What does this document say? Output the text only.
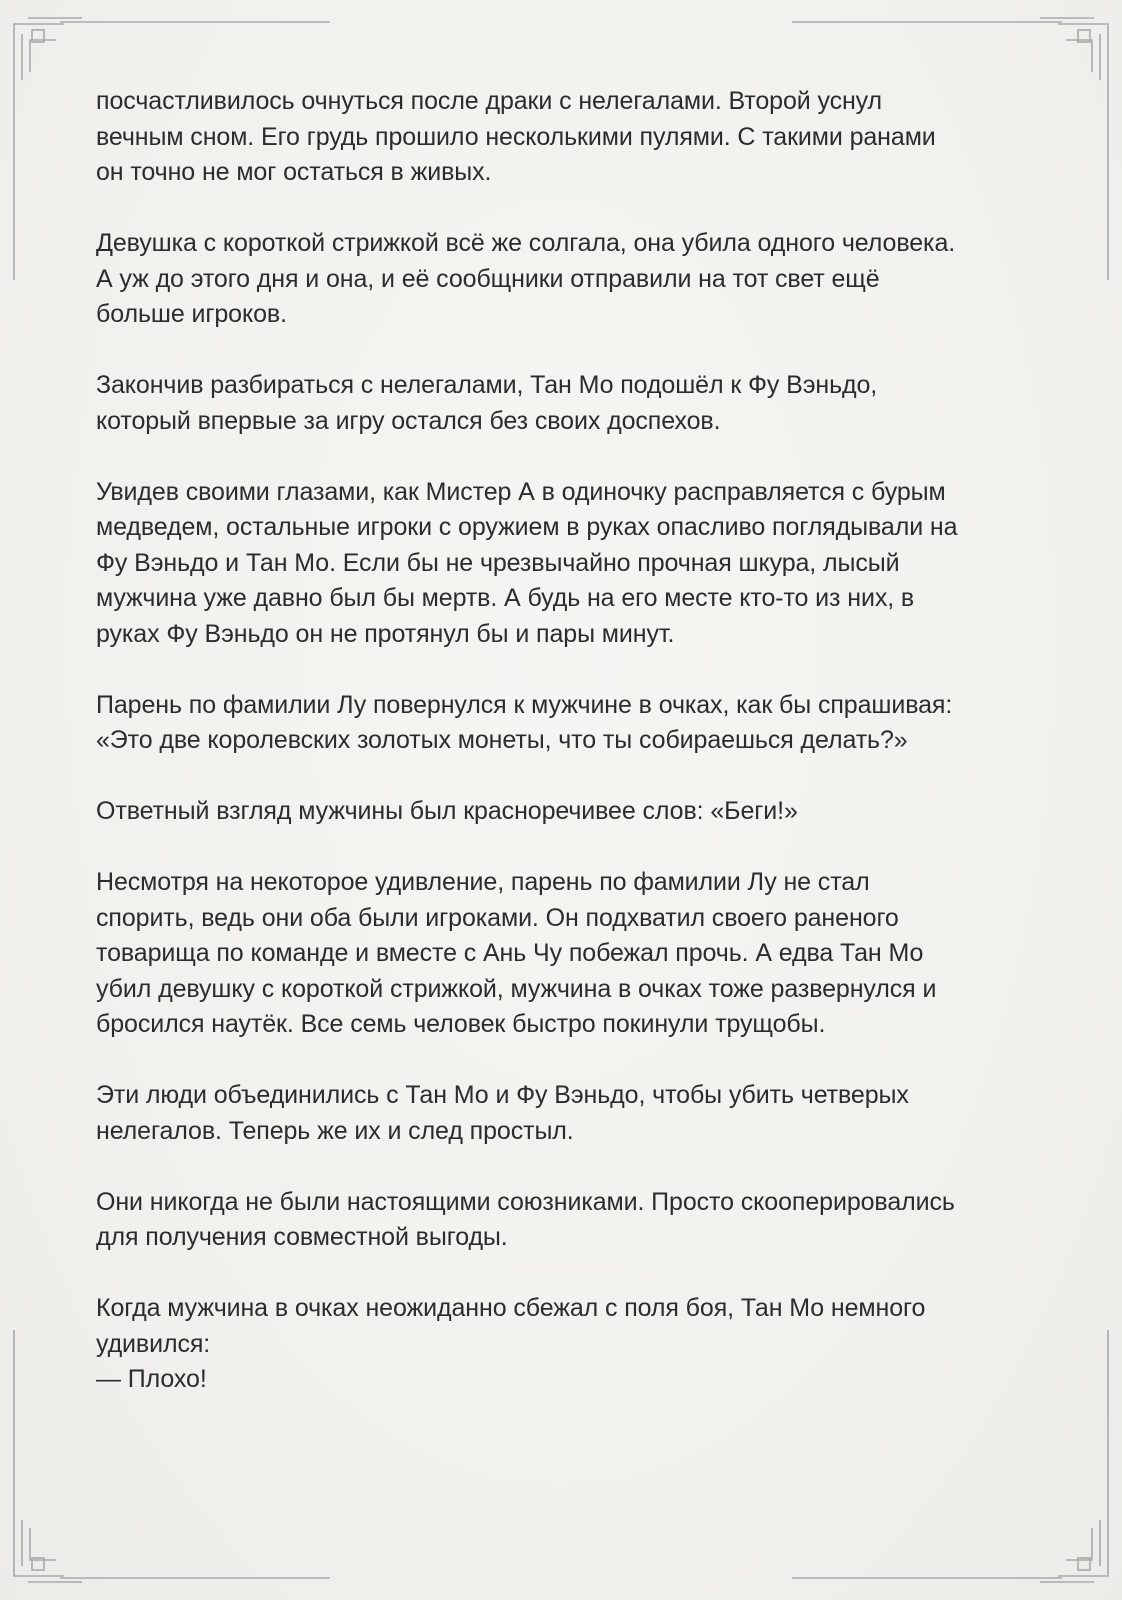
посчастливилось очнуться после драки с нелегалами. Второй уснул
вечным сном. Его грудь прошило несколькими пулями. С такими ранами
он точно не мог остаться в живых.

Девушка с короткой стрижкой всё же солгала, она убила одного человека.
А уж до этого дня и она, и её сообщники отправили на тот свет ещё
больше игроков.

Закончив разбираться с нелегалами, Тан Мо подошёл к Фу Вэньдо,
который впервые за игру остался без своих доспехов.

Увидев своими глазами, как Мистер А в одиночку расправляется с бурым
медведем, остальные игроки с оружием в руках опасливо поглядывали на
Фу Вэньдо и Тан Мо. Если бы не чрезвычайно прочная шкура, лысый
мужчина уже давно был бы мертв. А будь на его месте кто-то из них, в
руках Фу Вэньдо он не протянул бы и пары минут.

Парень по фамилии Лу повернулся к мужчине в очках, как бы спрашивая:
«Это две королевских золотых монеты, что ты собираешься делать?»

Ответный взгляд мужчины был красноречивее слов: «Беги!»

Несмотря на некоторое удивление, парень по фамилии Лу не стал
спорить, ведь они оба были игроками. Он подхватил своего раненого
товарища по команде и вместе с Ань Чу побежал прочь. А едва Тан Мо
убил девушку с короткой стрижкой, мужчина в очках тоже развернулся и
бросился наутёк. Все семь человек быстро покинули трущобы.

Эти люди объединились с Тан Мо и Фу Вэньдо, чтобы убить четверых
нелегалов. Теперь же их и след простыл.

Они никогда не были настоящими союзниками. Просто скооперировались
для получения совместной выгоды.

Когда мужчина в очках неожиданно сбежал с поля боя, Тан Мо немного
удивился:
— Плохо!
